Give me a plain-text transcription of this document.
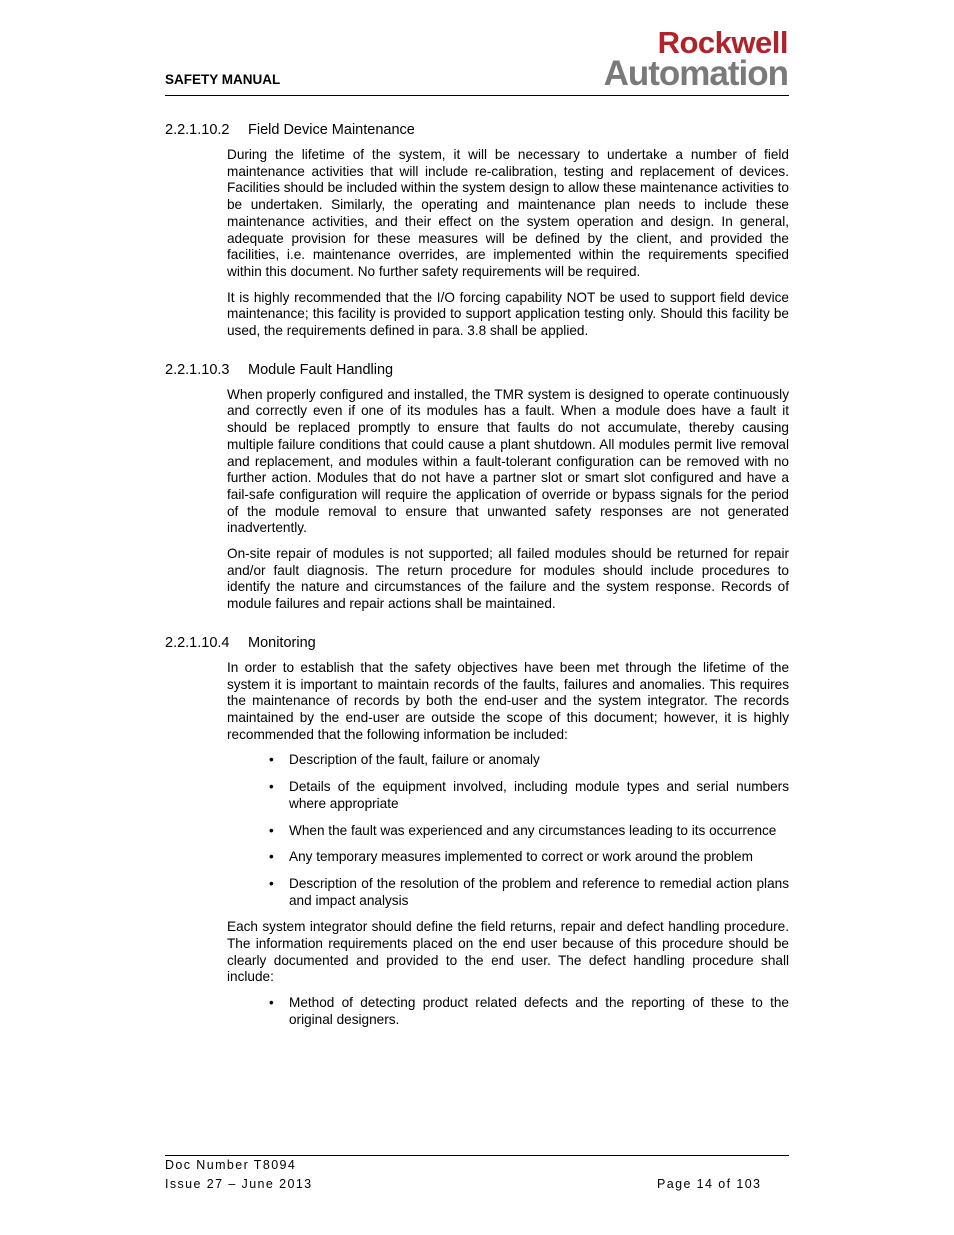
SAFETY MANUAL
Rockwell
Automation
2.2.1.10.2 Field Device Maintenance

During the lifetime of the system, it will be necessary to undertake a number of field maintenance activities that will include re-calibration, testing and replacement of devices. Facilities should be included within the system design to allow these maintenance activities to be undertaken. Similarly, the operating and maintenance plan needs to include these maintenance activities, and their effect on the system operation and design. In general, adequate provision for these measures will be defined by the client, and provided the facilities, i.e. maintenance overrides, are implemented within the requirements specified within this document. No further safety requirements will be required.

It is highly recommended that the I/O forcing capability NOT be used to support field device maintenance; this facility is provided to support application testing only. Should this facility be used, the requirements defined in para. 3.8 shall be applied.

2.2.1.10.3 Module Fault Handling

When properly configured and installed, the TMR system is designed to operate continuously and correctly even if one of its modules has a fault. When a module does have a fault it should be replaced promptly to ensure that faults do not accumulate, thereby causing multiple failure conditions that could cause a plant shutdown. All modules permit live removal and replacement, and modules within a fault-tolerant configuration can be removed with no further action. Modules that do not have a partner slot or smart slot configured and have a fail-safe configuration will require the application of override or bypass signals for the period of the module removal to ensure that unwanted safety responses are not generated inadvertently.

On-site repair of modules is not supported; all failed modules should be returned for repair and/or fault diagnosis. The return procedure for modules should include procedures to identify the nature and circumstances of the failure and the system response. Records of module failures and repair actions shall be maintained.

2.2.1.10.4 Monitoring

In order to establish that the safety objectives have been met through the lifetime of the system it is important to maintain records of the faults, failures and anomalies. This requires the maintenance of records by both the end-user and the system integrator. The records maintained by the end-user are outside the scope of this document; however, it is highly recommended that the following information be included:

• Description of the fault, failure or anomaly
• Details of the equipment involved, including module types and serial numbers where appropriate
• When the fault was experienced and any circumstances leading to its occurrence
• Any temporary measures implemented to correct or work around the problem
• Description of the resolution of the problem and reference to remedial action plans and impact analysis

Each system integrator should define the field returns, repair and defect handling procedure. The information requirements placed on the end user because of this procedure should be clearly documented and provided to the end user. The defect handling procedure shall include:

• Method of detecting product related defects and the reporting of these to the original designers.
Doc Number T8094
Issue 27 – June 2013	Page 14 of 103
